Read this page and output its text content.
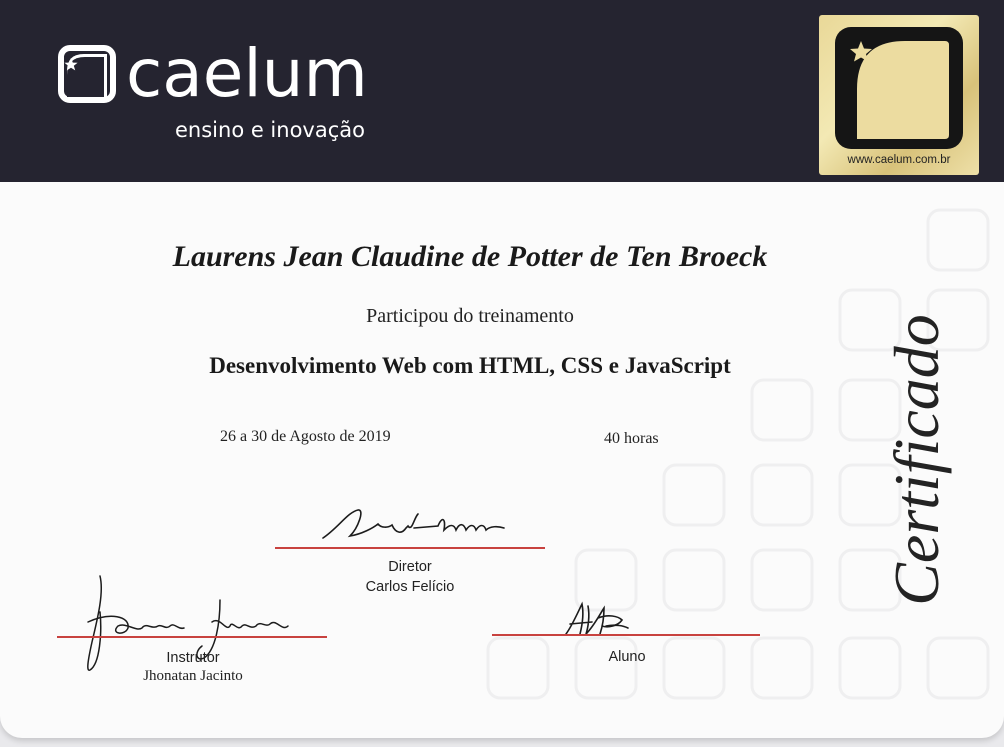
caelum
ensino e inovação
www.caelum.com.br
Laurens Jean Claudine de Potter de Ten Broeck
Participou do treinamento
Desenvolvimento Web com HTML, CSS e JavaScript
26 a 30 de Agosto de 2019	40 horas	Certificado
Diretor
Carlos Felício
Instrutor
Jhonatan Jacinto
Aluno
